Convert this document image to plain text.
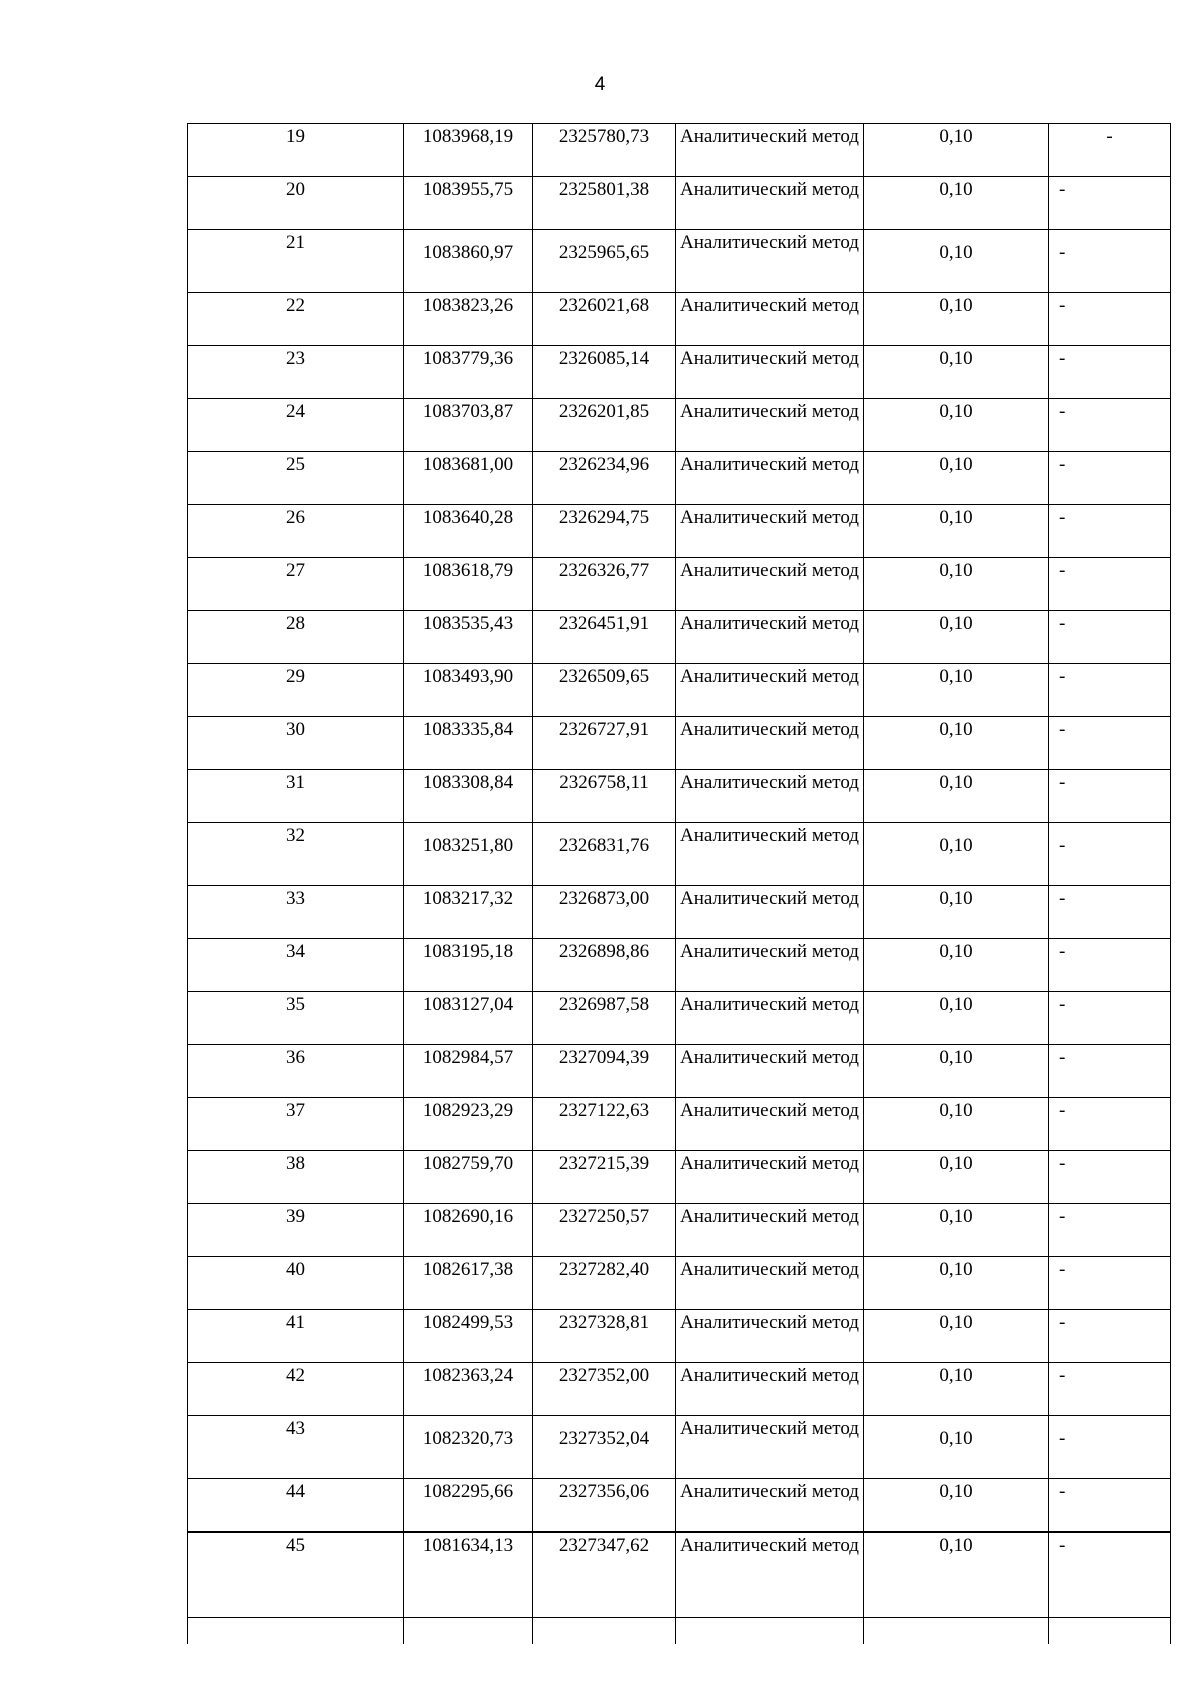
4
19	1083968,19	2325780,73	Аналитический метод	0,10	-
20	1083955,75	2325801,38	Аналитический метод	0,10	-
21	1083860,97	2325965,65	Аналитический метод	0,10	-
22	1083823,26	2326021,68	Аналитический метод	0,10	-
23	1083779,36	2326085,14	Аналитический метод	0,10	-
24	1083703,87	2326201,85	Аналитический метод	0,10	-
25	1083681,00	2326234,96	Аналитический метод	0,10	-
26	1083640,28	2326294,75	Аналитический метод	0,10	-
27	1083618,79	2326326,77	Аналитический метод	0,10	-
28	1083535,43	2326451,91	Аналитический метод	0,10	-
29	1083493,90	2326509,65	Аналитический метод	0,10	-
30	1083335,84	2326727,91	Аналитический метод	0,10	-
31	1083308,84	2326758,11	Аналитический метод	0,10	-
32	1083251,80	2326831,76	Аналитический метод	0,10	-
33	1083217,32	2326873,00	Аналитический метод	0,10	-
34	1083195,18	2326898,86	Аналитический метод	0,10	-
35	1083127,04	2326987,58	Аналитический метод	0,10	-
36	1082984,57	2327094,39	Аналитический метод	0,10	-
37	1082923,29	2327122,63	Аналитический метод	0,10	-
38	1082759,70	2327215,39	Аналитический метод	0,10	-
39	1082690,16	2327250,57	Аналитический метод	0,10	-
40	1082617,38	2327282,40	Аналитический метод	0,10	-
41	1082499,53	2327328,81	Аналитический метод	0,10	-
42	1082363,24	2327352,00	Аналитический метод	0,10	-
43	1082320,73	2327352,04	Аналитический метод	0,10	-
44	1082295,66	2327356,06	Аналитический метод	0,10	-
45	1081634,13	2327347,62	Аналитический метод	0,10	-
